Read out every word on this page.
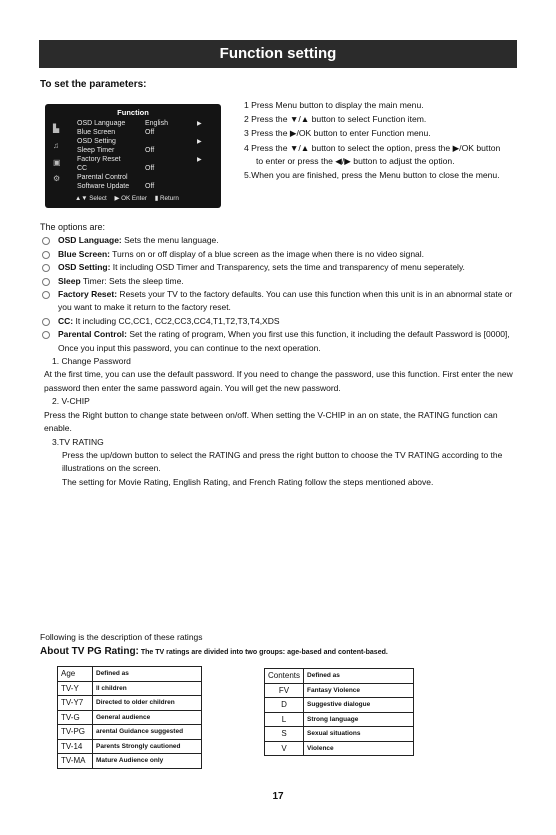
Function setting
To set the parameters:
Function
▙
♫
▣
⚙
OSD Language	English	▶
Blue Screen	Off
OSD Setting	▶
Sleep Timer	Off
Factory Reset	▶
CC	Off
Parental Control
Software Update Off
▲▼ Select ▶ OK Enter ▮ Return

1 Press Menu button to display the main menu.

2 Press the ▼/▲ button to select Function item.

3 Press the ▶/OK button to enter Function menu.

4 Press the ▼/▲ button to select the option, press the ▶/OK button to enter or press the ◀/▶ button to adjust the option.

5.When you are finished, press the Menu button to close the menu.

The options are:

OSD Language: Sets the menu language.

Blue Screen: Turns on or off display of a blue screen as the image when there is no video signal.

OSD Setting: It including OSD Timer and Transparency, sets the time and transparency of menu seperately.

Sleep Timer: Sets the sleep time.

Factory Reset: Resets your TV to the factory defaults. You can use this function when this unit is in an abnormal state or you want to make it return to the factory reset.

CC: It including CC,CC1, CC2,CC3,CC4,T1,T2,T3,T4,XDS

Parental Control: Set the rating of program, When you first use this function, it including the default Password is [0000], Once you input this password, you can continue to the next operation.

1. Change Password

At the first time, you can use the default password. If you need to change the password, use this function. First enter the new password then enter the same password again. You will get the new password.

2. V-CHIP

Press the Right button to change state between on/off. When setting the V-CHIP in an on state, the RATING function can enable.

3.TV RATING

Press the up/down button to select the RATING and press the right button to choose the TV RATING according to the illustrations on the screen.

The setting for Movie Rating, English Rating, and French Rating follow the steps mentioned above.

Following is the description of these ratings
About TV PG Rating: The TV ratings are divided into two groups: age-based and content-based.
Age	Defined as
TV-Y	ll children
TV-Y7	Directed to older children
TV-G	General audience
TV-PG	arental Guidance suggested
TV-14	Parents Strongly cautioned
TV-MA	Mature Audience only
Contents	Defined as
FV	Fantasy Violence
D	Suggestive dialogue
L	Strong language
S	Sexual situations
V	Violence
17
